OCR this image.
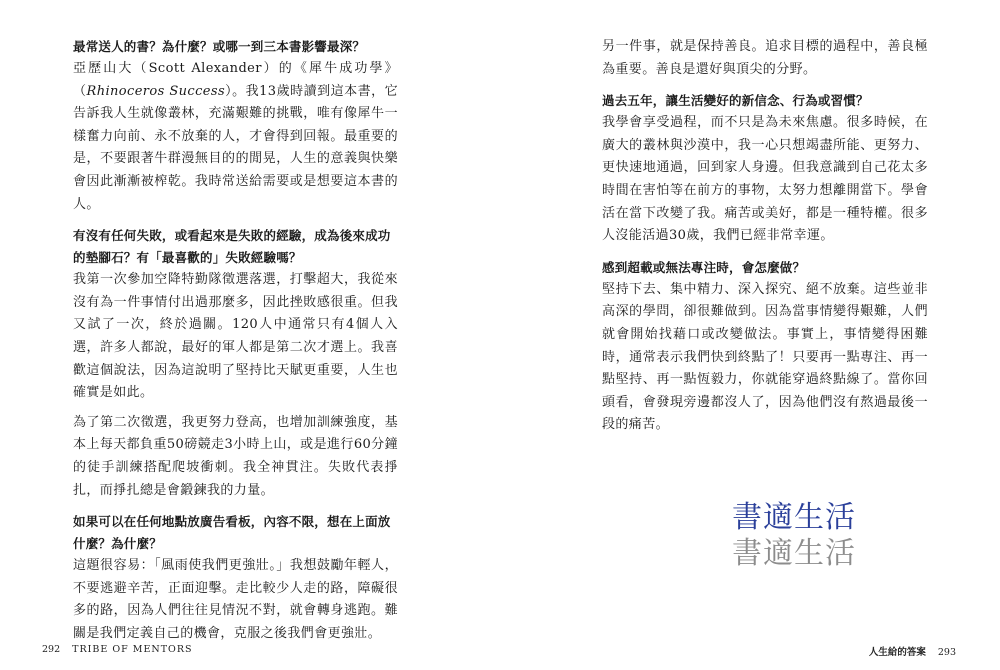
最常送人的書？為什麼？或哪一到三本書影響最深？

亞歷山大（Scott Alexander）的《犀牛成功學》（Rhinoceros Success）。我13歲時讀到這本書，它告訴我人生就像叢林，充滿艱難的挑戰，唯有像犀牛一樣奮力向前、永不放棄的人，才會得到回報。最重要的是，不要跟著牛群漫無目的的閒晃，人生的意義與快樂會因此漸漸被榨乾。我時常送給需要或是想要這本書的人。

有沒有任何失敗，或看起來是失敗的經驗，成為後來成功的墊腳石？有「最喜歡的」失敗經驗嗎？

我第一次參加空降特勤隊徵選落選，打擊超大，我從來沒有為一件事情付出過那麼多，因此挫敗感很重。但我又試了一次，終於過關。120人中通常只有4個人入選，許多人都說，最好的軍人都是第二次才選上。我喜歡這個說法，因為這說明了堅持比天賦更重要，人生也確實是如此。

為了第二次徵選，我更努力登高，也增加訓練強度，基本上每天都負重50磅競走3小時上山，或是進行60分鐘的徒手訓練搭配爬坡衝刺。我全神貫注。失敗代表掙扎，而掙扎總是會鍛鍊我的力量。

如果可以在任何地點放廣告看板，內容不限，想在上面放什麼？為什麼？

這題很容易：「風雨使我們更強壯。」我想鼓勵年輕人，不要逃避辛苦，正面迎擊。走比較少人走的路，障礙很多的路，因為人們往往見情況不對，就會轉身逃跑。難關是我們定義自己的機會，克服之後我們會更強壯。

另一件事，就是保持善良。追求目標的過程中，善良極為重要。善良是還好與頂尖的分野。

過去五年，讓生活變好的新信念、行為或習慣？

我學會享受過程，而不只是為未來焦慮。很多時候，在廣大的叢林與沙漠中，我一心只想竭盡所能、更努力、更快速地通過，回到家人身邊。但我意識到自己花太多時間在害怕等在前方的事物，太努力想離開當下。學會活在當下改變了我。痛苦或美好，都是一種特權。很多人沒能活過30歲，我們已經非常幸運。

感到超載或無法專注時，會怎麼做？

堅持下去、集中精力、深入探究、絕不放棄。這些並非高深的學問，卻很難做到。因為當事情變得艱難，人們就會開始找藉口或改變做法。事實上，事情變得困難時，通常表示我們快到終點了！只要再一點專注、再一點堅持、再一點恆毅力，你就能穿過終點線了。當你回頭看，會發現旁邊都沒人了，因為他們沒有熬過最後一段的痛苦。

書適生活
書適生活
292 TRIBE OF MENTORS	人生給的答案 293
